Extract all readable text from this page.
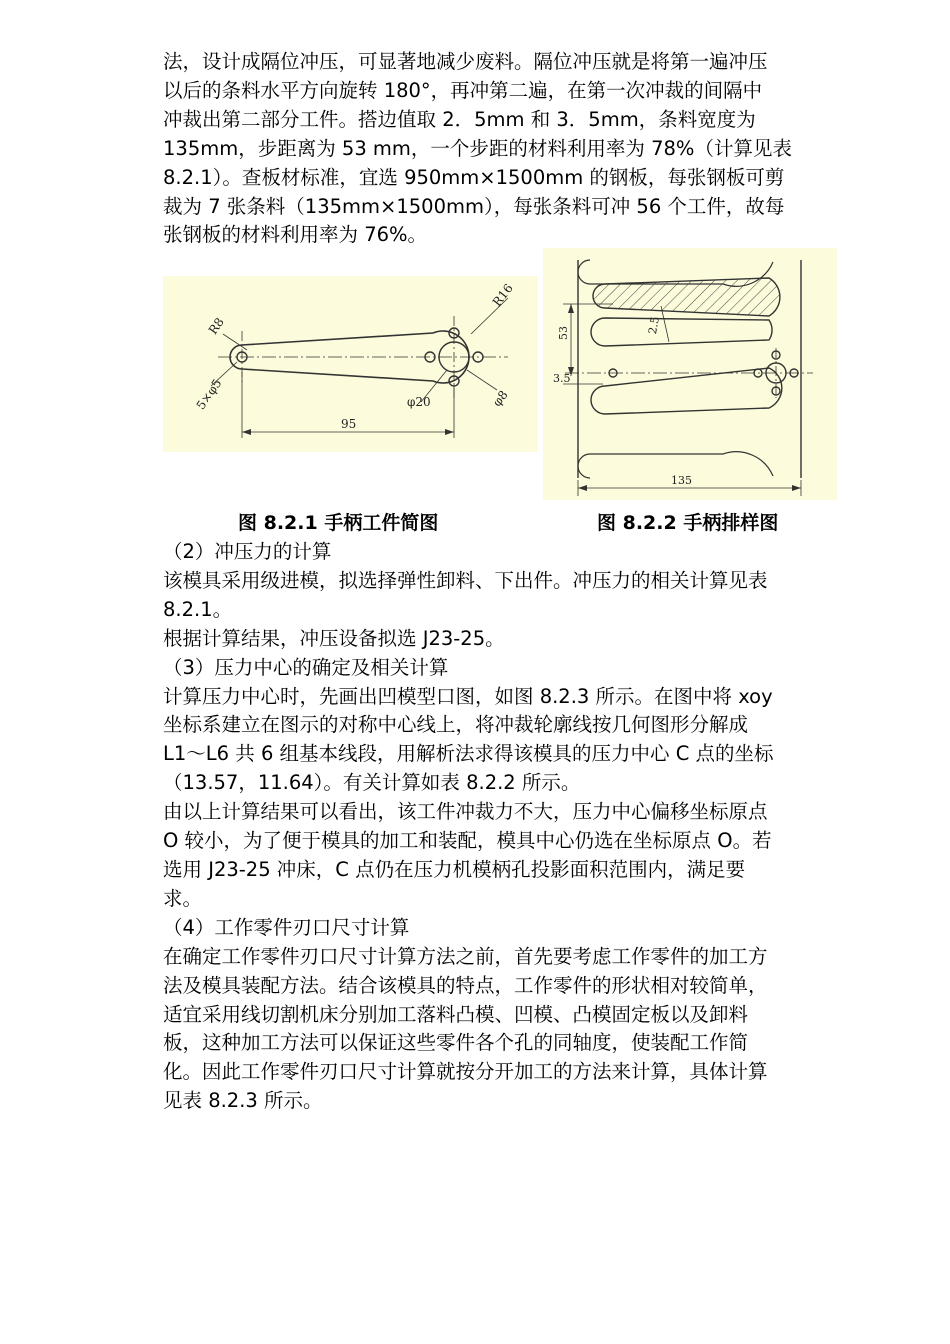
法，设计成隔位冲压，可显著地减少废料。隔位冲压就是将第一遍冲压

以后的条料水平方向旋转 180°，再冲第二遍，在第一次冲裁的间隔中

冲裁出第二部分工件。搭边值取 2．5mm 和 3．5mm，条料宽度为

135mm，步距离为 53 mm，一个步距的材料利用率为 78%（计算见表

8.2.1）。查板材标准，宜选 950mm×1500mm 的钢板，每张钢板可剪

裁为 7 张条料（135mm×1500mm），每张条料可冲 56 个工件，故每

张钢板的材料利用率为 76%。

R8
R16
5×φ5	φ20	φ8
95
53
3.5
2.5
135
图 8.2.1 手柄工件简图	图 8.2.2 手柄排样图

（2）冲压力的计算

该模具采用级进模，拟选择弹性卸料、下出件。冲压力的相关计算见表

8.2.1。

根据计算结果，冲压设备拟选 J23-25。

（3）压力中心的确定及相关计算

计算压力中心时，先画出凹模型口图，如图 8.2.3 所示。在图中将 xoy

坐标系建立在图示的对称中心线上，将冲裁轮廓线按几何图形分解成

L1～L6 共 6 组基本线段，用解析法求得该模具的压力中心 C 点的坐标

（13.57，11.64）。有关计算如表 8.2.2 所示。

由以上计算结果可以看出，该工件冲裁力不大，压力中心偏移坐标原点

O 较小，为了便于模具的加工和装配，模具中心仍选在坐标原点 O。若

选用 J23-25 冲床，C 点仍在压力机模柄孔投影面积范围内，满足要

求。

（4）工作零件刃口尺寸计算

在确定工作零件刃口尺寸计算方法之前，首先要考虑工作零件的加工方

法及模具装配方法。结合该模具的特点，工作零件的形状相对较简单，

适宜采用线切割机床分别加工落料凸模、凹模、凸模固定板以及卸料

板，这种加工方法可以保证这些零件各个孔的同轴度，使装配工作简

化。因此工作零件刃口尺寸计算就按分开加工的方法来计算，具体计算

见表 8.2.3 所示。
